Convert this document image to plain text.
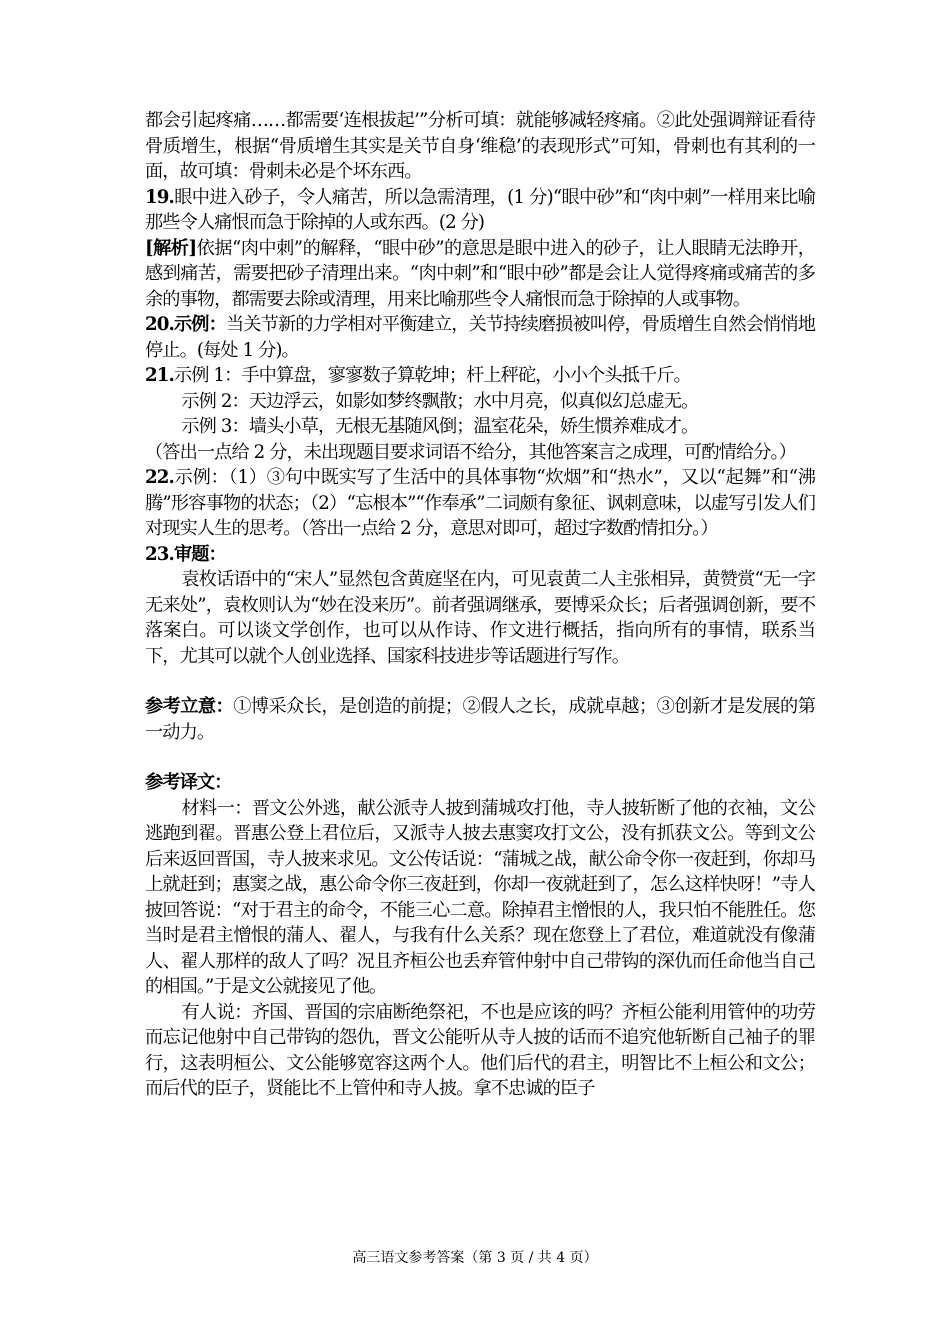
都会引起疼痛……都需要‘连根拔起’”分析可填：就能够减轻疼痛。②此处强调辩证看待骨质增生，根据“骨质增生其实是关节自身‘维稳’的表现形式”可知，骨刺也有其利的一面，故可填：骨刺未必是个坏东西。

19.眼中进入砂子，令人痛苦，所以急需清理，(1 分)“眼中砂”和“肉中刺”一样用来比喻那些令人痛恨而急于除掉的人或东西。(2 分)

[解析]依据“肉中刺”的解释，“眼中砂”的意思是眼中进入的砂子，让人眼睛无法睁开，感到痛苦，需要把砂子清理出来。“肉中刺”和“眼中砂”都是会让人觉得疼痛或痛苦的多余的事物，都需要去除或清理，用来比喻那些令人痛恨而急于除掉的人或事物。

20.示例：当关节新的力学相对平衡建立，关节持续磨损被叫停，骨质增生自然会悄悄地停止。(每处 1 分)。

21.示例 1：手中算盘，寥寥数子算乾坤；杆上秤砣，小小个头抵千斤。

示例 2：天边浮云，如影如梦终飘散；水中月亮，似真似幻总虚无。

示例 3：墙头小草，无根无基随风倒；温室花朵，娇生惯养难成才。

（答出一点给 2 分，未出现题目要求词语不给分，其他答案言之成理，可酌情给分。）

22.示例：（1）③句中既实写了生活中的具体事物“炊烟”和“热水”，又以“起舞”和“沸腾”形容事物的状态；（2）“忘根本”“作奉承”二词颇有象征、讽刺意味，以虚写引发人们对现实人生的思考。（答出一点给 2 分，意思对即可，超过字数酌情扣分。）

23.审题：

袁枚话语中的“宋人”显然包含黄庭坚在内，可见袁黄二人主张相异，黄赞赏“无一字无来处”，袁枚则认为“妙在没来历”。前者强调继承，要博采众长；后者强调创新，要不落案白。可以谈文学创作，也可以从作诗、作文进行概括，指向所有的事情，联系当下，尤其可以就个人创业选择、国家科技进步等话题进行写作。

参考立意：①博采众长，是创造的前提；②假人之长，成就卓越；③创新才是发展的第一动力。

参考译文：

材料一：晋文公外逃，献公派寺人披到蒲城攻打他，寺人披斩断了他的衣袖，文公逃跑到翟。晋惠公登上君位后，又派寺人披去惠窦攻打文公，没有抓获文公。等到文公后来返回晋国，寺人披来求见。文公传话说：“蒲城之战，献公命令你一夜赶到，你却马上就赶到；惠窦之战，惠公命令你三夜赶到，你却一夜就赶到了，怎么这样快呀！”寺人披回答说：“对于君主的命令，不能三心二意。除掉君主憎恨的人，我只怕不能胜任。您当时是君主憎恨的蒲人、翟人，与我有什么关系？现在您登上了君位，难道就没有像蒲人、翟人那样的敌人了吗？况且齐桓公也丢弃管仲射中自己带钩的深仇而任命他当自己的相国。”于是文公就接见了他。

有人说：齐国、晋国的宗庙断绝祭祀，不也是应该的吗？齐桓公能利用管仲的功劳而忘记他射中自己带钩的怨仇，晋文公能听从寺人披的话而不追究他斩断自己袖子的罪行，这表明桓公、文公能够宽容这两个人。他们后代的君主，明智比不上桓公和文公；而后代的臣子，贤能比不上管仲和寺人披。拿不忠诚的臣子

高三语文参考答案（第 3 页 / 共 4 页）
